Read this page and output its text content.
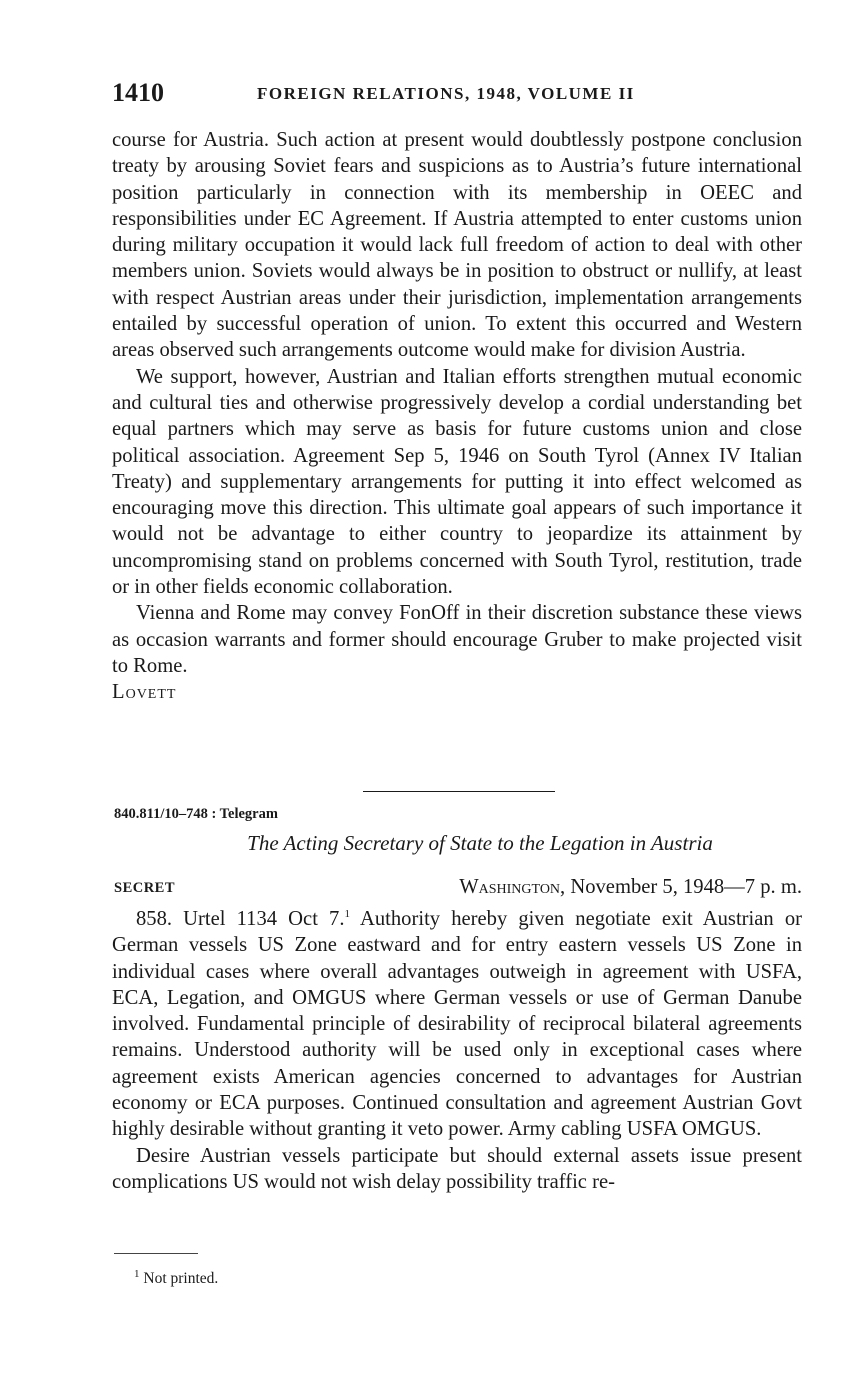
1410	FOREIGN RELATIONS, 1948, VOLUME II

course for Austria. Such action at present would doubtlessly postpone conclusion treaty by arousing Soviet fears and suspicions as to Austria’s future international position particularly in connection with its membership in OEEC and responsibilities under EC Agreement. If Austria attempted to enter customs union during military occupation it would lack full freedom of action to deal with other members union. Soviets would always be in position to obstruct or nullify, at least with respect Austrian areas under their jurisdiction, implementation arrangements entailed by successful operation of union. To extent this occurred and Western areas observed such arrangements outcome would make for division Austria.

We support, however, Austrian and Italian efforts strengthen mutual economic and cultural ties and otherwise progressively develop a cordial understanding bet equal partners which may serve as basis for future customs union and close political association. Agreement Sep 5, 1946 on South Tyrol (Annex IV Italian Treaty) and supplementary arrangements for putting it into effect welcomed as encouraging move this direction. This ultimate goal appears of such importance it would not be advantage to either country to jeopardize its attainment by uncompromising stand on problems concerned with South Tyrol, restitution, trade or in other fields economic collaboration.

Vienna and Rome may convey FonOff in their discretion substance these views as occasion warrants and former should encourage Gruber to make projected visit to Rome.

Lovett

840.811/10–748 : Telegram
The Acting Secretary of State to the Legation in Austria
SECRET	Washington, November 5, 1948—7 p. m.

858. Urtel 1134 Oct 7.$^1$ Authority hereby given negotiate exit Austrian or German vessels US Zone eastward and for entry eastern vessels US Zone in individual cases where overall advantages outweigh in agreement with USFA, ECA, Legation, and OMGUS where German vessels or use of German Danube involved. Fundamental principle of desirability of reciprocal bilateral agreements remains. Understood authority will be used only in exceptional cases where agreement exists American agencies concerned to advantages for Austrian economy or ECA purposes. Continued consultation and agreement Austrian Govt highly desirable without granting it veto power. Army cabling USFA OMGUS.

Desire Austrian vessels participate but should external assets issue present complications US would not wish delay possibility traffic re-

$^1$ Not printed.
